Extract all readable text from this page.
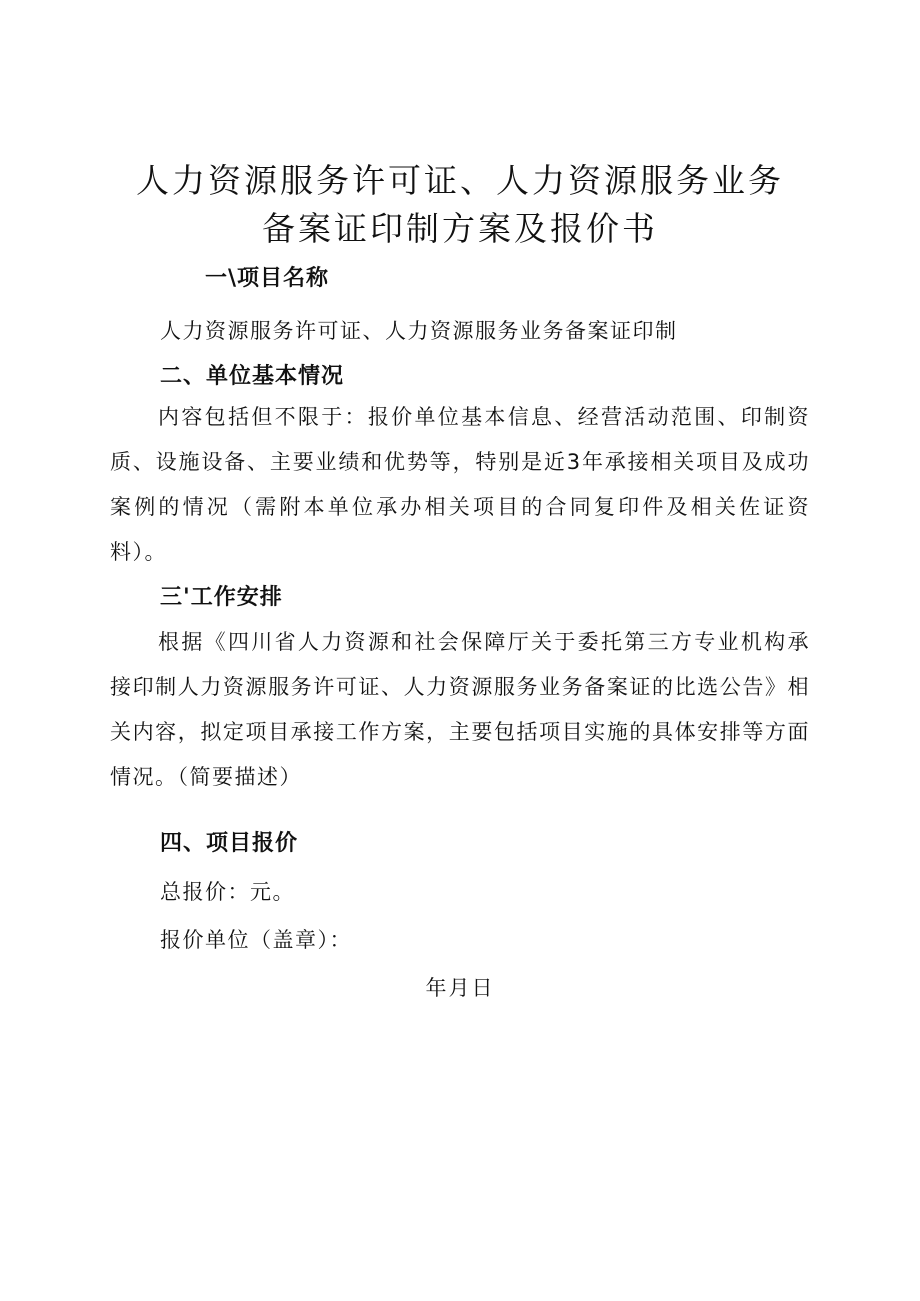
人力资源服务许可证、人力资源服务业务
备案证印制方案及报价书
一\项目名称
人力资源服务许可证、人力资源服务业务备案证印制
二、单位基本情况
内容包括但不限于：报价单位基本信息、经营活动范围、印制资质、设施设备、主要业绩和优势等，特别是近3年承接相关项目及成功案例的情况（需附本单位承办相关项目的合同复印件及相关佐证资料）。
三'工作安排
根据《四川省人力资源和社会保障厅关于委托第三方专业机构承接印制人力资源服务许可证、人力资源服务业务备案证的比选公告》相关内容，拟定项目承接工作方案，主要包括项目实施的具体安排等方面情况。（简要描述）
四、项目报价
总报价：元。
报价单位（盖章）：
年月日
